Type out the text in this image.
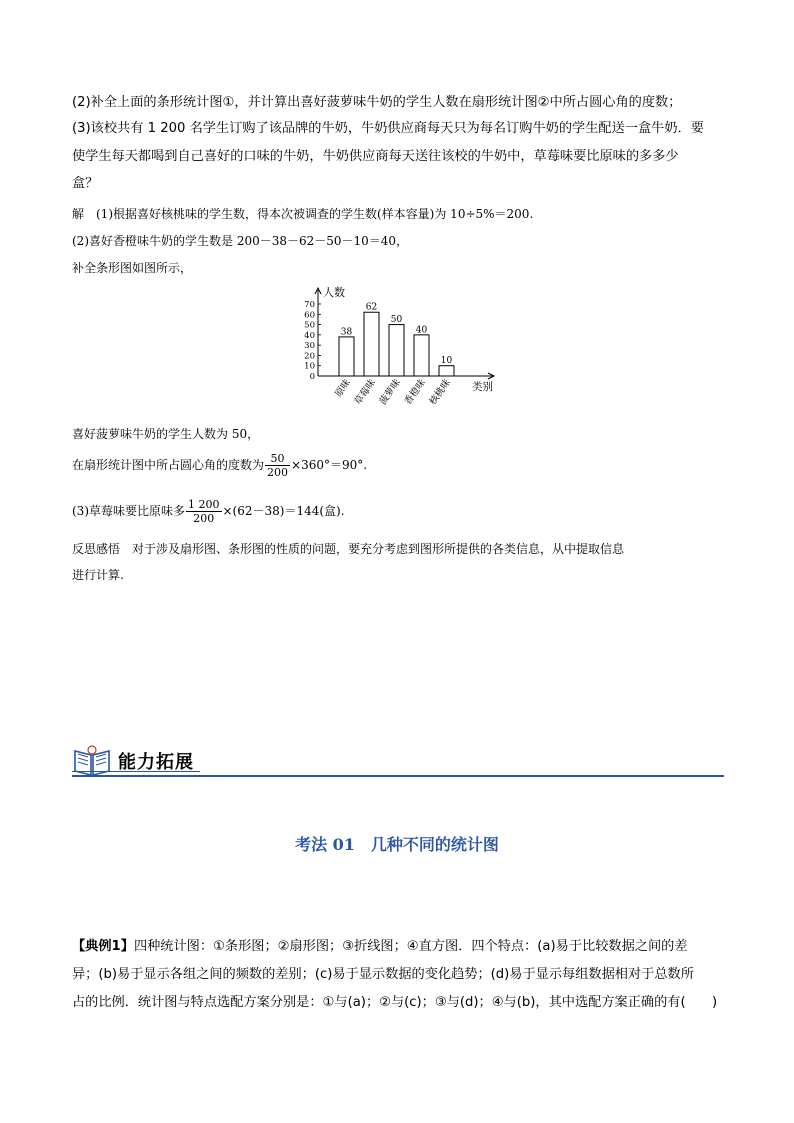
(2)补全上面的条形统计图①，并计算出喜好菠萝味牛奶的学生人数在扇形统计图②中所占圆心角的度数；
(3)该校共有 1 200 名学生订购了该品牌的牛奶，牛奶供应商每天只为每名订购牛奶的学生配送一盒牛奶．要
使学生每天都喝到自己喜好的口味的牛奶，牛奶供应商每天送往该校的牛奶中，草莓味要比原味的多多少
盒？
解　(1)根据喜好核桃味的学生数，得本次被调查的学生数(样本容量)为 10÷5%＝200.
(2)喜好香橙味牛奶的学生数是 200－38－62－50－10＝40，
补全条形图如图所示，
0
10
20
30
40
50
60
70
人数
类别
38
原味
62
草莓味
50
菠萝味
40
香橙味
10
核桃味
喜好菠萝味牛奶的学生人数为 50，
在扇形统计图中所占圆心角的度数为 $\frac{50}{200} \times 360^\circ=90^\circ$.
(3)草莓味要比原味多 $\frac{1 200}{200} \times(62-38)=144$(盒).
反思感悟　对于涉及扇形图、条形图的性质的问题，要充分考虑到图形所提供的各类信息，从中提取信息
进行计算.
能力拓展
考法 01　几种不同的统计图
【典例1】四种统计图：①条形图；②扇形图；③折线图；④直方图．四个特点：(a)易于比较数据之间的差
异；(b)易于显示各组之间的频数的差别；(c)易于显示数据的变化趋势；(d)易于显示每组数据相对于总数所
占的比例．统计图与特点选配方案分别是：①与(a)；②与(c)；③与(d)；④与(b)，其中选配方案正确的有(　　)
